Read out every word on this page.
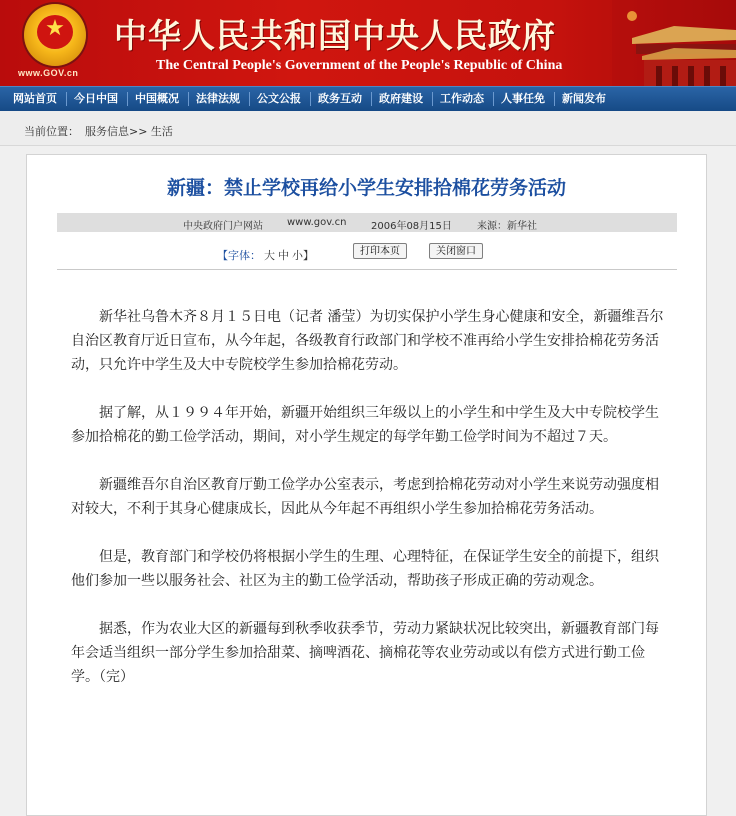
★
www.GOV.cn
中华人民共和国中央人民政府
The Central People's Government of the People's Republic of China
网站首页	今日中国	中国概况	法律法规	公文公报	政务互动	政府建设	工作动态	人事任免	新闻发布
当前位置： 服务信息>> 生活
新疆：禁止学校再给小学生安排拾棉花劳务活动
中央政府门户网站 www.gov.cn 2006年08月15日	来源：新华社
【字体： 大 中 小】	打印本页	关闭窗口

新华社乌鲁木齐８月１５日电（记者 潘莹）为切实保护小学生身心健康和安全，新疆维吾尔自治区教育厅近日宣布，从今年起，各级教育行政部门和学校不准再给小学生安排拾棉花劳务活动，只允许中学生及大中专院校学生参加拾棉花劳动。

据了解，从１９９４年开始，新疆开始组织三年级以上的小学生和中学生及大中专院校学生参加拾棉花的勤工俭学活动，期间，对小学生规定的每学年勤工俭学时间为不超过７天。

新疆维吾尔自治区教育厅勤工俭学办公室表示，考虑到拾棉花劳动对小学生来说劳动强度相对较大，不利于其身心健康成长，因此从今年起不再组织小学生参加拾棉花劳务活动。

但是，教育部门和学校仍将根据小学生的生理、心理特征，在保证学生安全的前提下，组织他们参加一些以服务社会、社区为主的勤工俭学活动，帮助孩子形成正确的劳动观念。

据悉，作为农业大区的新疆每到秋季收获季节，劳动力紧缺状况比较突出，新疆教育部门每年会适当组织一部分学生参加拾甜菜、摘啤酒花、摘棉花等农业劳动或以有偿方式进行勤工俭学。（完）
